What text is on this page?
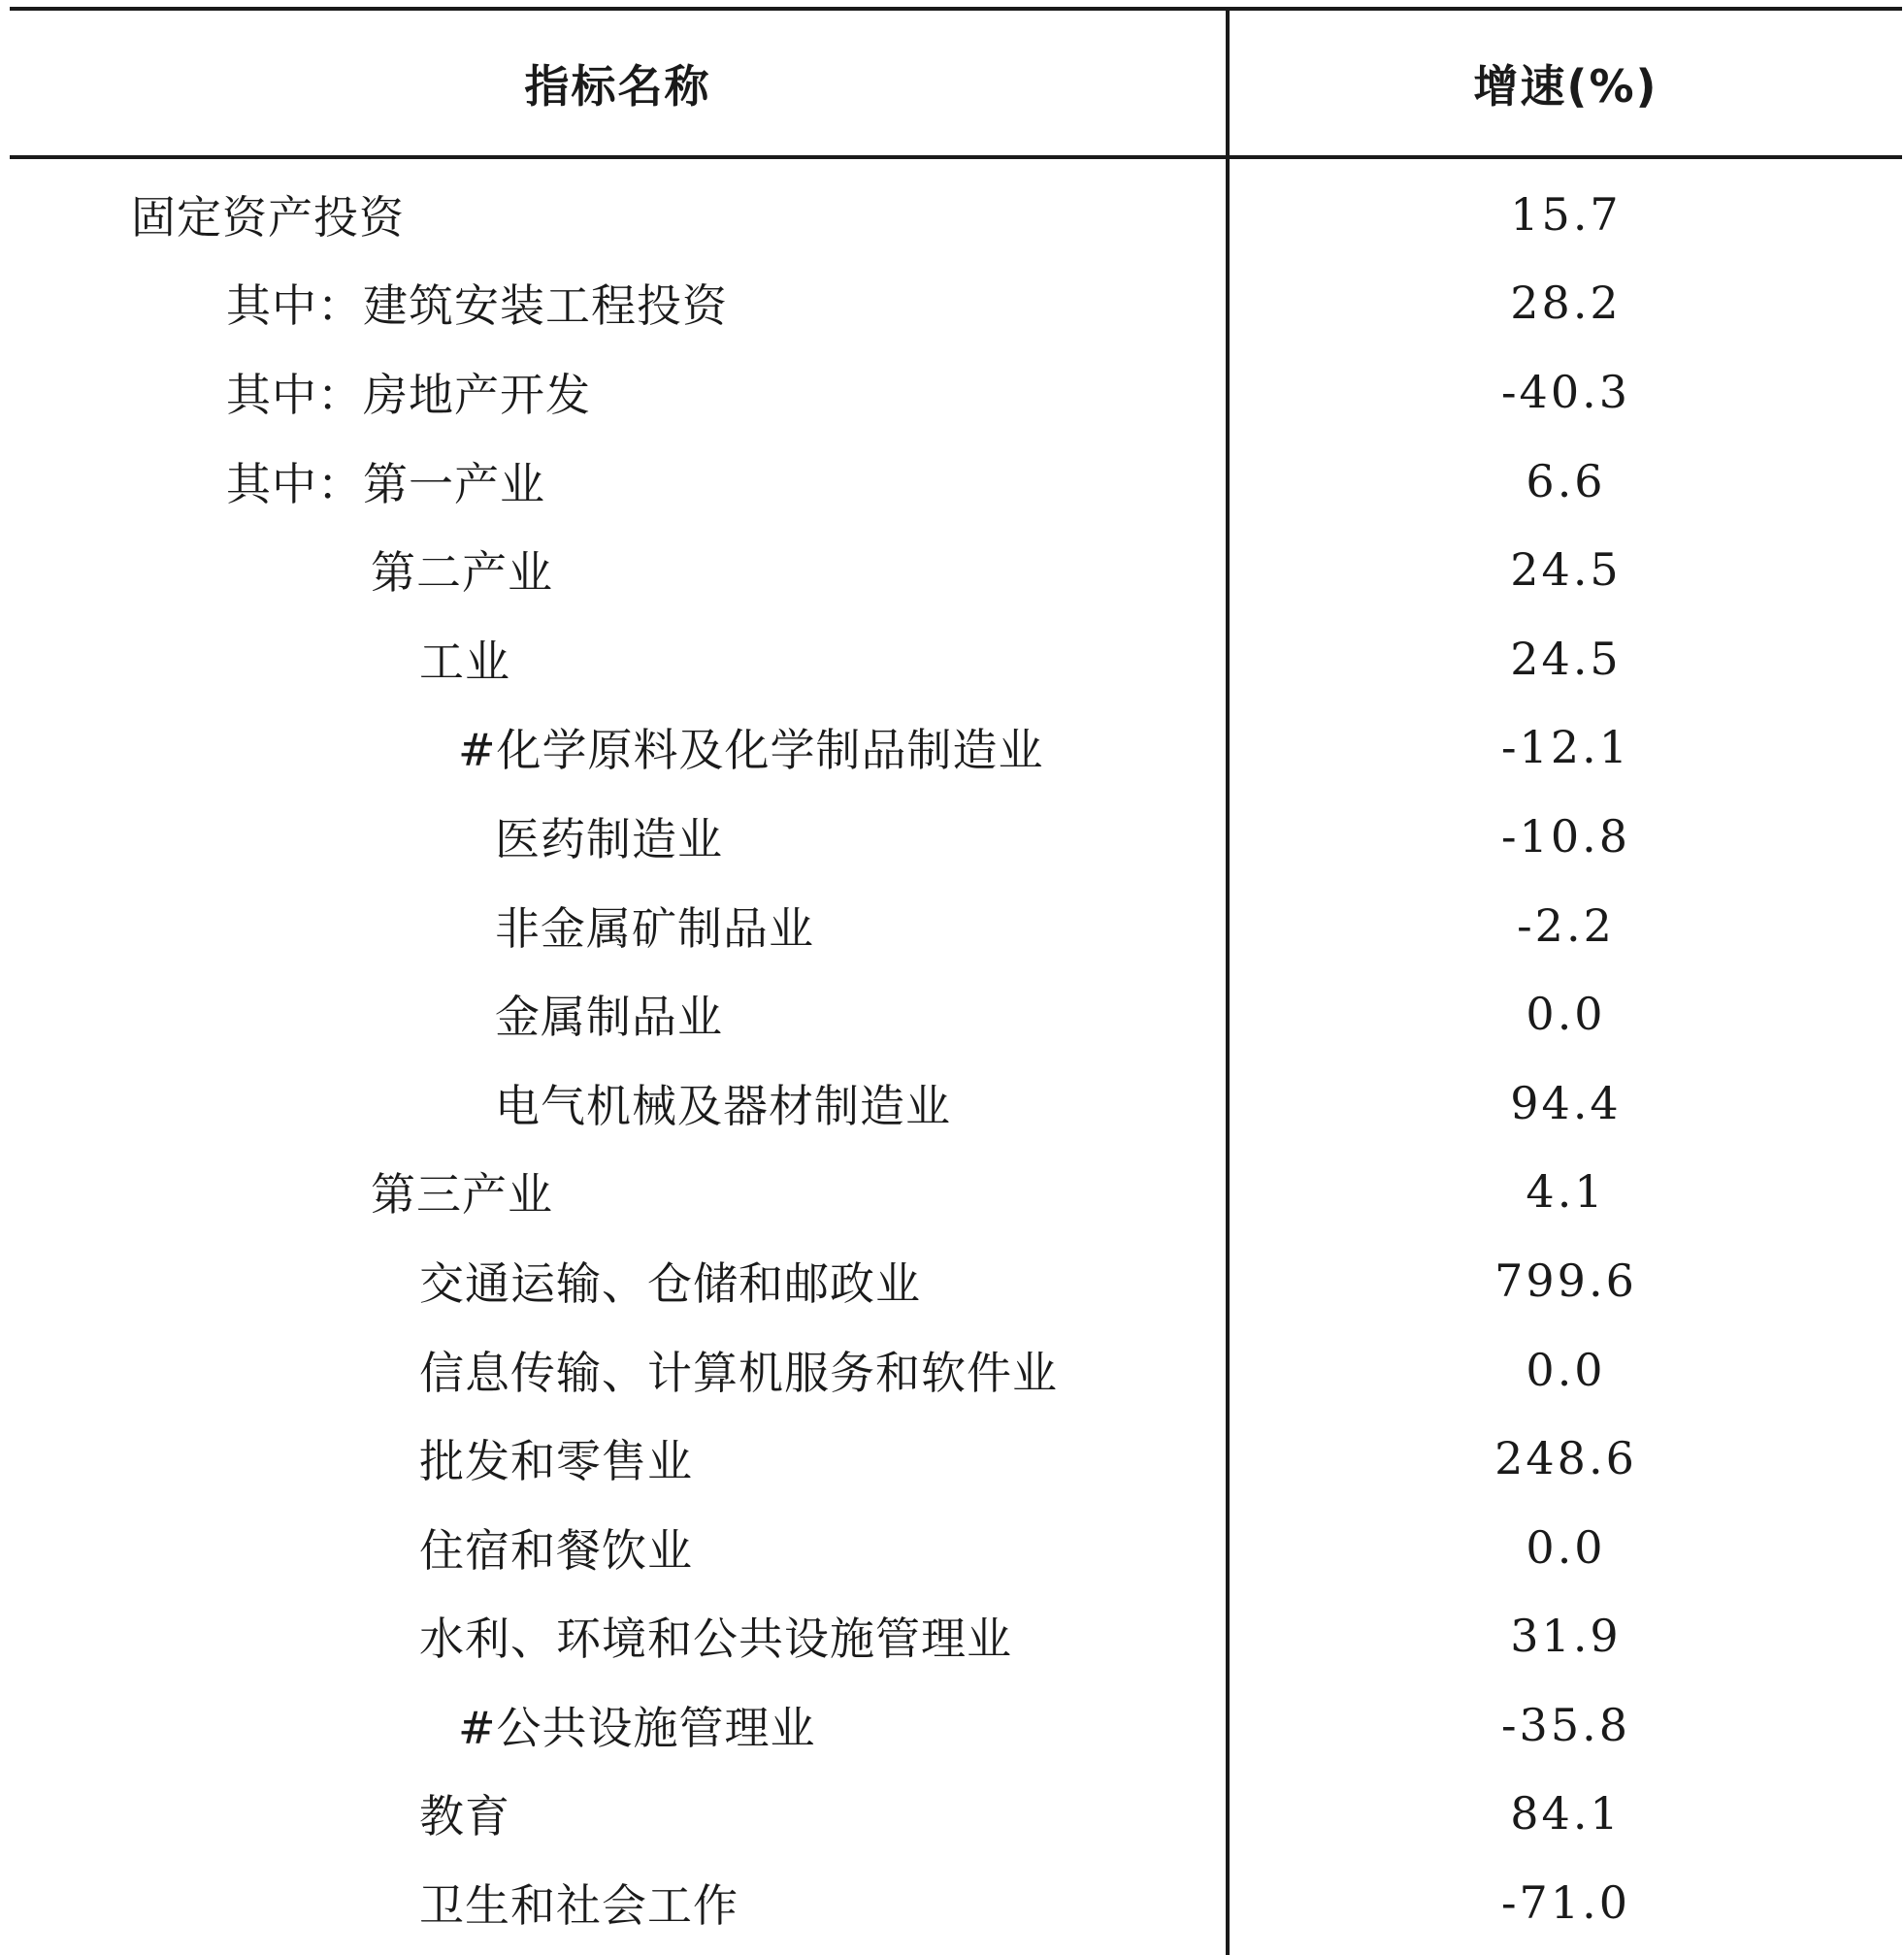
指标名称	增速(%)
固定资产投资	15.7
其中：建筑安装工程投资	28.2
其中：房地产开发	-40.3
其中：第一产业	6.6
第二产业	24.5
工业	24.5
#化学原料及化学制品制造业	-12.1
医药制造业	-10.8
非金属矿制品业	-2.2
金属制品业	0.0
电气机械及器材制造业	94.4
第三产业	4.1
交通运输、仓储和邮政业	799.6
信息传输、计算机服务和软件业	0.0
批发和零售业	248.6
住宿和餐饮业	0.0
水利、环境和公共设施管理业	31.9
#公共设施管理业	-35.8
教育	84.1
卫生和社会工作	-71.0
